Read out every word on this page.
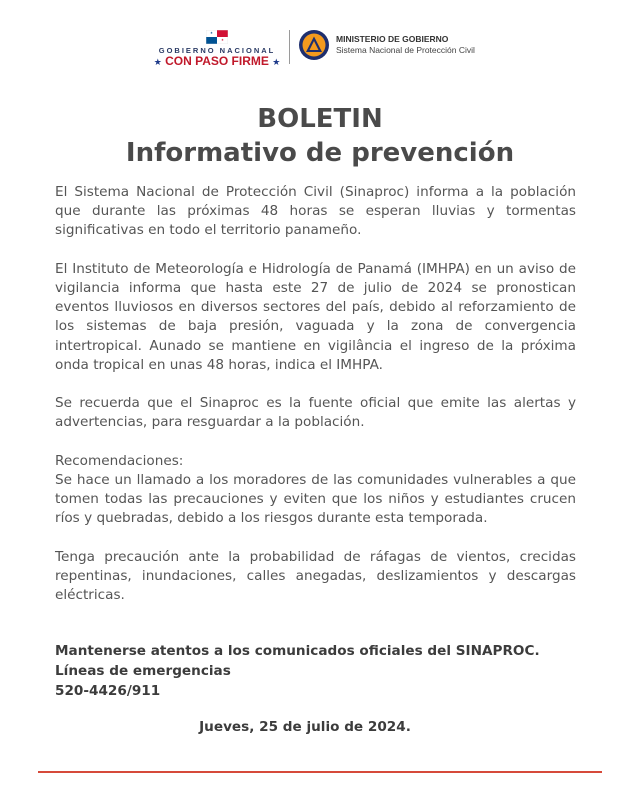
GOBIERNO NACIONAL
★ CON PASO FIRME ★
MINISTERIO DE GOBIERNO
Sistema Nacional de Protección Civil
BOLETIN
Informativo de prevención

El Sistema Nacional de Protección Civil (Sinaproc) informa a la población que durante las próximas 48 horas se esperan lluvias y tormentas significativas en todo el territorio panameño.

El Instituto de Meteorología e Hidrología de Panamá (IMHPA) en un aviso de vigilancia informa que hasta este 27 de julio de 2024 se pronostican eventos lluviosos en diversos sectores del país, debido al reforzamiento de los sistemas de baja presión, vaguada y la zona de convergencia intertropical. Aunado se mantiene en vigilância el ingreso de la próxima onda tropical en unas 48 horas, indica el IMHPA.

Se recuerda que el Sinaproc es la fuente oficial que emite las alertas y advertencias, para resguardar a la población.

Recomendaciones:

Se hace un llamado a los moradores de las comunidades vulnerables a que tomen todas las precauciones y eviten que los niños y estudiantes crucen ríos y quebradas, debido a los riesgos durante esta temporada.

Tenga precaución ante la probabilidad de ráfagas de vientos, crecidas repentinas, inundaciones, calles anegadas, deslizamientos y descargas eléctricas.

Mantenerse atentos a los comunicados oficiales del SINAPROC.
Líneas de emergencias
520-4426/911
Jueves, 25 de julio de 2024.
